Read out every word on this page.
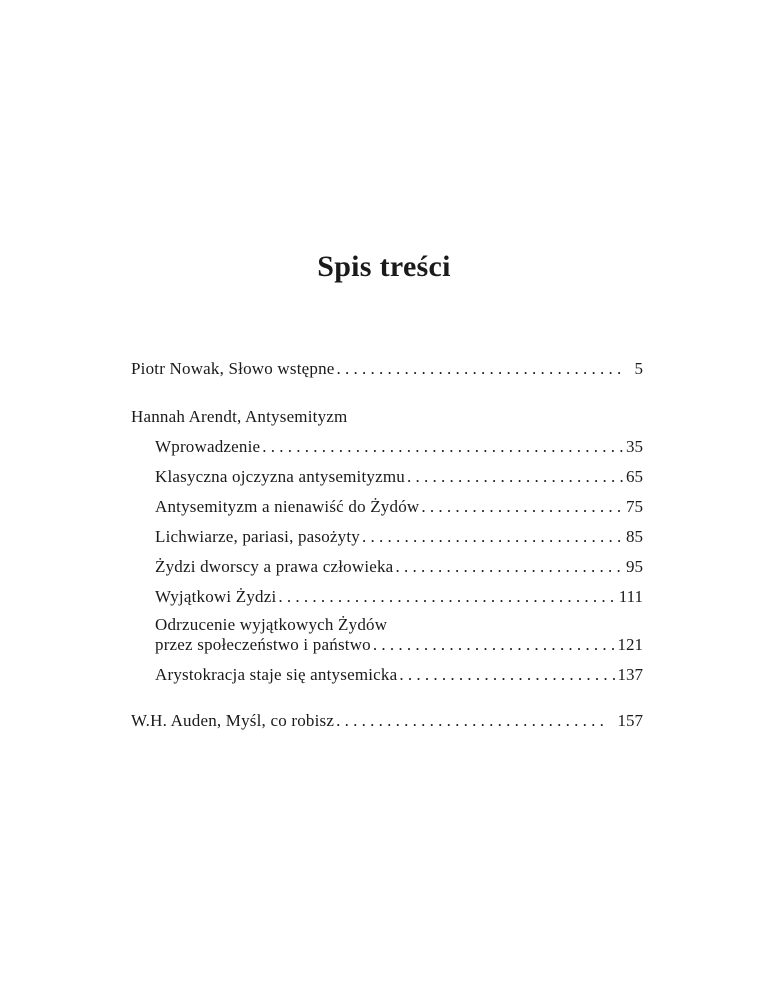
Spis treści
Piotr Nowak, Słowo wstępne . . .	5
Hannah Arendt, Antysemityzm
Wprowadzenie . . .	35
Klasyczna ojczyzna antysemityzmu . . .	65
Antysemityzm a nienawiść do Żydów . . .	75
Lichwiarze, pariasi, pasożyty . . .	85
Żydzi dworscy a prawa człowieka . . .	95
Wyjątkowi Żydzi . . .	111
Odrzucenie wyjątkowych Żydów
przez społeczeństwo i państwo . . .	121
Arystokracja staje się antysemicka . . .	137
W.H. Auden, Myśl, co robisz . . .	157
